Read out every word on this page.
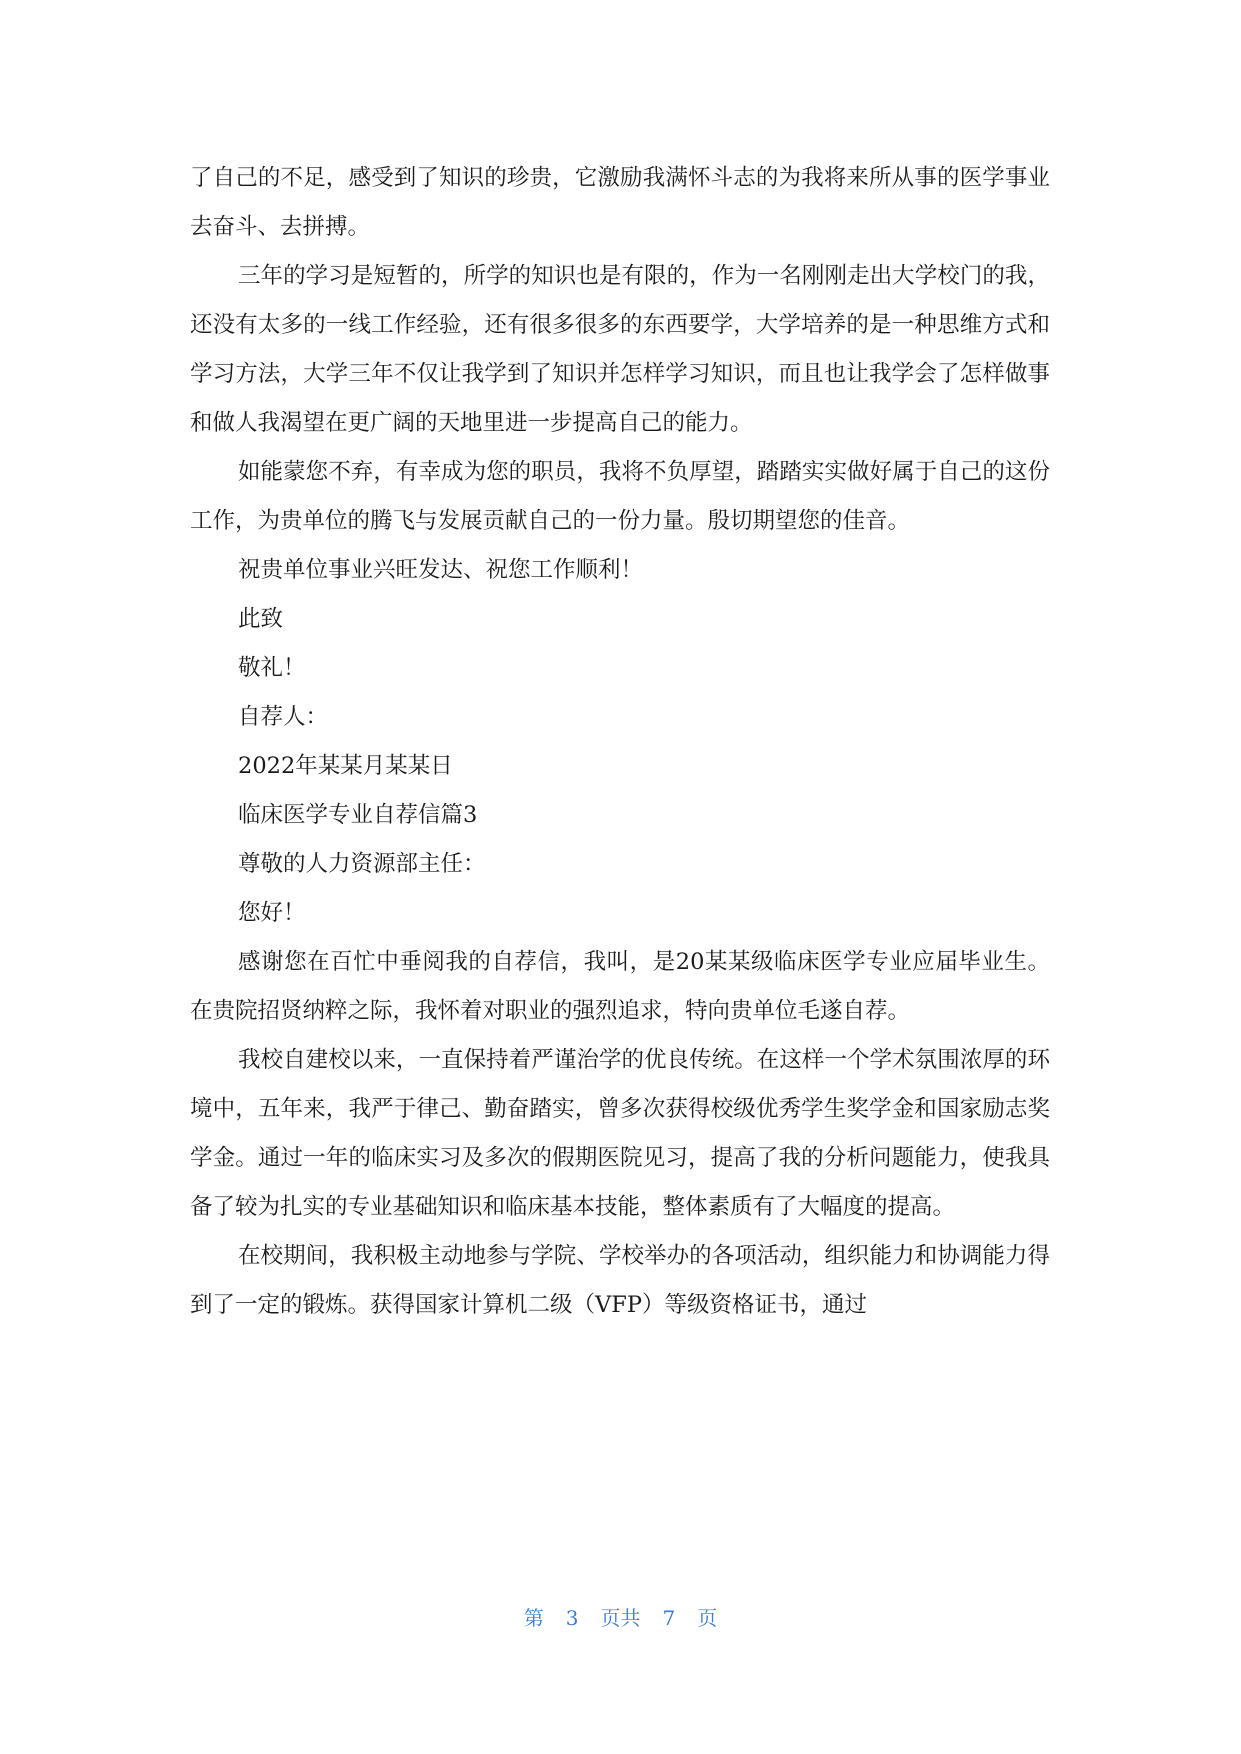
了自己的不足，感受到了知识的珍贵，它激励我满怀斗志的为我将来所从事的医学事业去奋斗、去拼搏。

三年的学习是短暂的，所学的知识也是有限的，作为一名刚刚走出大学校门的我，还没有太多的一线工作经验，还有很多很多的东西要学，大学培养的是一种思维方式和学习方法，大学三年不仅让我学到了知识并怎样学习知识，而且也让我学会了怎样做事和做人我渴望在更广阔的天地里进一步提高自己的能力。

如能蒙您不弃，有幸成为您的职员，我将不负厚望，踏踏实实做好属于自己的这份工作，为贵单位的腾飞与发展贡献自己的一份力量。殷切期望您的佳音。

祝贵单位事业兴旺发达、祝您工作顺利！

此致

敬礼！

自荐人：

2022年某某月某某日

临床医学专业自荐信篇3

尊敬的人力资源部主任：

您好！

感谢您在百忙中垂阅我的自荐信，我叫，是20某某级临床医学专业应届毕业生。在贵院招贤纳粹之际，我怀着对职业的强烈追求，特向贵单位毛遂自荐。

我校自建校以来，一直保持着严谨治学的优良传统。在这样一个学术氛围浓厚的环境中，五年来，我严于律己、勤奋踏实，曾多次获得校级优秀学生奖学金和国家励志奖学金。通过一年的临床实习及多次的假期医院见习，提高了我的分析问题能力，使我具备了较为扎实的专业基础知识和临床基本技能，整体素质有了大幅度的提高。

在校期间，我积极主动地参与学院、学校举办的各项活动，组织能力和协调能力得到了一定的锻炼。获得国家计算机二级（VFP）等级资格证书，通过

第 3 页共 7 页
